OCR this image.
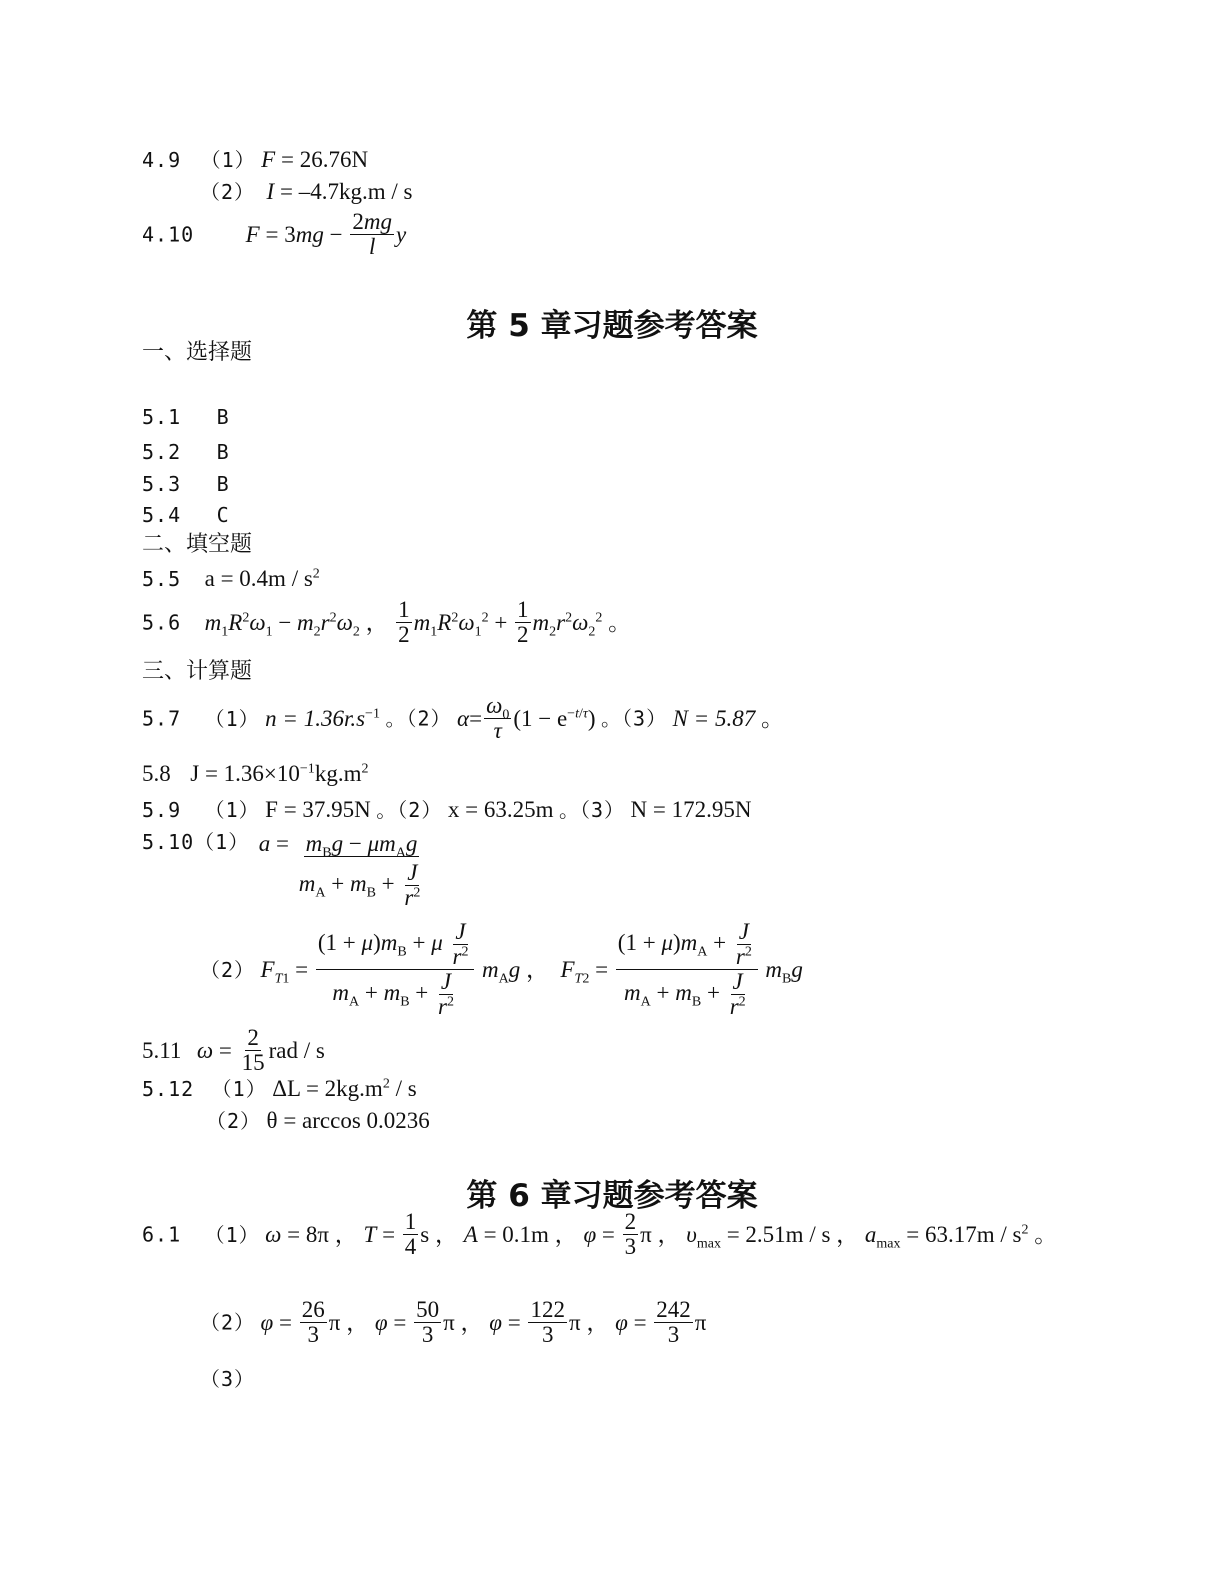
4.9 （1） F = 26.76N
（2） I = –4.7kg.m / s
4.10 $F = 3mg - \frac{2mg}{l}$ y
第 5 章习题参考答案
一、选择题
5.1 B
5.2 B
5.3 B
5.4 C
二、填空题
5.5 $a = 0.4m / s^2$
5.6 $m_1R^2\omega_1 - m_2r^2\omega_2$ ， $\frac{1}{2} m_1R^2\omega_1^2 + \frac{1}{2} m_2r^2\omega_2^2$ 。
三、计算题
5.7 （1） $n = 1.36r.s^{-1}$ 。（2） $\alpha= \frac{\omega_0}{\tau} (1 - e^{-t/\tau})$ 。（3） N = 5.87 。
5.8 $J = 1.36\times 10^{-1}kg.m^2$
5.9 （1） F = 37.95N 。（2） x = 63.25m 。（3） N = 172.95N
5.10（1） $a = \frac{m_Bg - \mu m_Ag}{m_A + m_B + \frac{J}{r^2}}$
（2） $F_{T1} = \frac{(1 + \mu)m_B + \mu \frac{J}{r^2}}{m_A + m_B + \frac{J}{r^2}} m_Ag$ ，  $F_{T2} = \frac{(1 + \mu)m_A + \frac{J}{r^2}}{m_A + m_B + \frac{J}{r^2}} m_Bg$
5.11 $\omega = \frac{2}{15}$ rad / s
5.12 （1） $\Delta L = 2kg.m^2 / s$
（2） θ = arccos 0.0236
第 6 章习题参考答案
6.1 （1） ω = 8π ， $T = \frac{1}{4}$ s ， A = 0.1m ， $\varphi = \frac{2}{3}$ π ， $\upsilon_{max} = 2.51m / s$ ， $a_{max} = 63.17m / s^2$ 。
（2） $\varphi = \frac{26}{3}$ π ， $\varphi = \frac{50}{3}$ π ， $\varphi = \frac{122}{3}$ π ， $\varphi = \frac{242}{3}$ π
（3）
